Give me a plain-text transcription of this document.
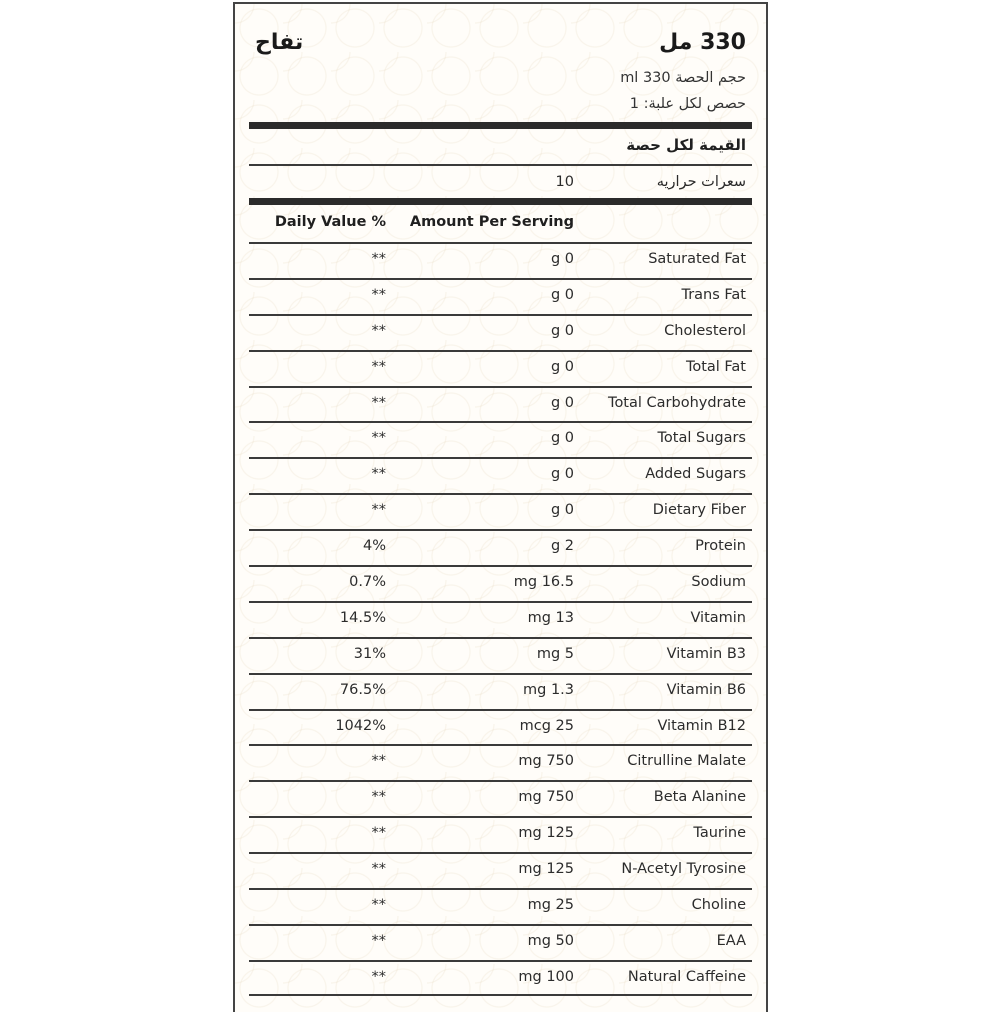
330 مل
تفاح
حجم الحصة 330 ml
حصص لكل علبة: 1
القيمة لكل حصة
سعرات حراريه
10
Amount Per Serving
Daily Value %
Saturated Fat
g 0
**
Trans Fat
g 0
**
Cholesterol
g 0
**
Total Fat
g 0
**
Total Carbohydrate
g 0
**
Total Sugars
g 0
**
Added Sugars
g 0
**
Dietary Fiber
g 0
**
Protein
g 2
4%
Sodium
mg 16.5
0.7%
Vitamin
mg 13
14.5%
Vitamin B3
mg 5
31%
Vitamin B6
mg 1.3
76.5%
Vitamin B12
mcg 25
1042%
Citrulline Malate
mg 750
**
Beta Alanine
mg 750
**
Taurine
mg 125
**
N-Acetyl Tyrosine
mg 125
**
Choline
mg 25
**
EAA
mg 50
**
Natural Caffeine
mg 100
**
